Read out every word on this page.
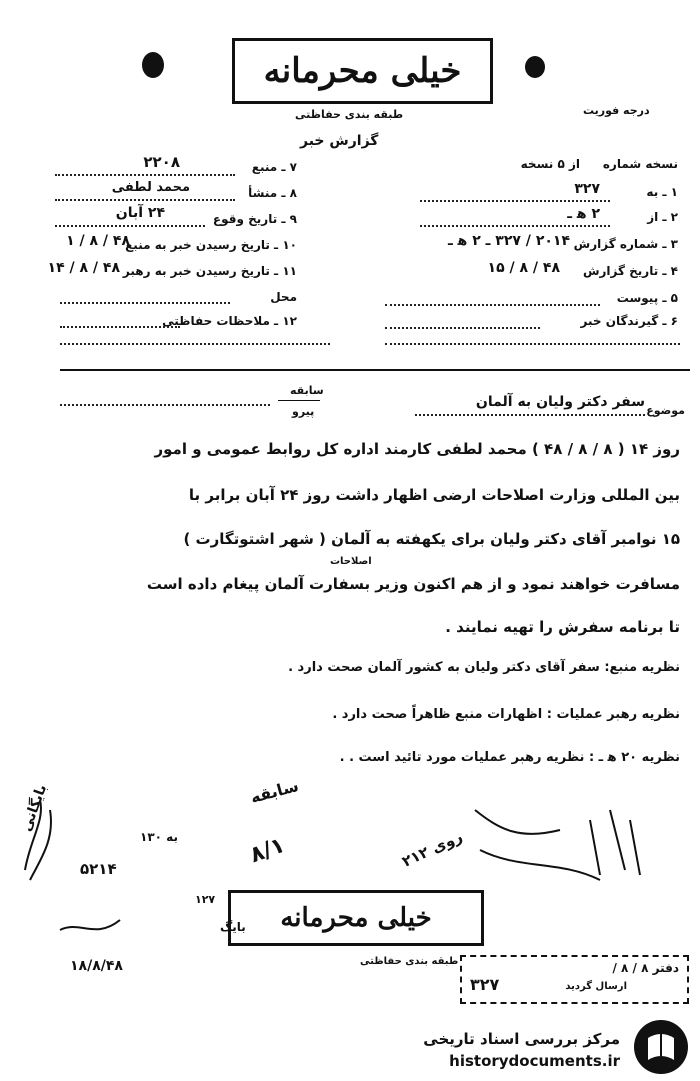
خیلی محرمانه
طبقه بندی حفاظتی	درجه فوریت
گزارش خبر
نسخه شماره
از ۵ نسخه
۱ ـ به
۳۲۷
۲ ـ از
۲ ه‍ ـ
۳ ـ شماره گزارش
۲۰۱۴ / ۳۲۷ ـ ۲ ه‍ ـ
۴ ـ تاریخ گزارش
۱۵ / ۸ / ۴۸
۵ ـ پیوست
۶ ـ گیرندگان خبر
۷ ـ منبع
۲۲۰۸
۸ ـ منشأ
محمد لطفی
۹ ـ تاریخ وقوع
۲۴ آبان
۱۰ ـ تاریخ رسیدن خبر به منبع
۱ / ۸ / ۴۸
۱۱ ـ تاریخ رسیدن خبر به رهبر
۱۴ / ۸ / ۴۸
محل
۱۲ ـ ملاحظات حفاظتی
موضوع
سفر دکتر ولیان به آلمان
سابقه
پیرو
روز ۱۴ ( ۸ / ۸ / ۴۸ ) محمد لطفی کارمند اداره کل روابط عمومی و امور
بین المللی وزارت اصلاحات ارضی اظهار داشت روز ۲۴ آبان برابر با
۱۵ نوامبر آقای دکتر ولیان برای یکهفته به آلمان ( شهر اشتوتگارت )
اصلاحات
مسافرت خواهند نمود و از هم اکنون وزیر بسفارت آلمان پیغام داده است
تا برنامه سفرش را تهیه نمایند .
نظریه منبع: سفر آقای دکتر ولیان به کشور آلمان صحت دارد .
نظریه رهبر عملیات : اظهارات منبع ظاهراً صحت دارد .
نظریه ۲۰ ه‍ ـ : نظریه رهبر عملیات مورد تائید است . .
سابقه
۸/۱
به ۱۳۰
بایگانی
۵۲۱۴
۱۸/۸/۴۸
روی ۲۱۲
۱۲۷
خیلی محرمانه
طبقه بندی حفاظتی
بایگ
دفتر ۸ / ۸ /
ارسال گردید
۳۲۷
مرکز بررسی اسناد تاریخی
historydocuments.ir
